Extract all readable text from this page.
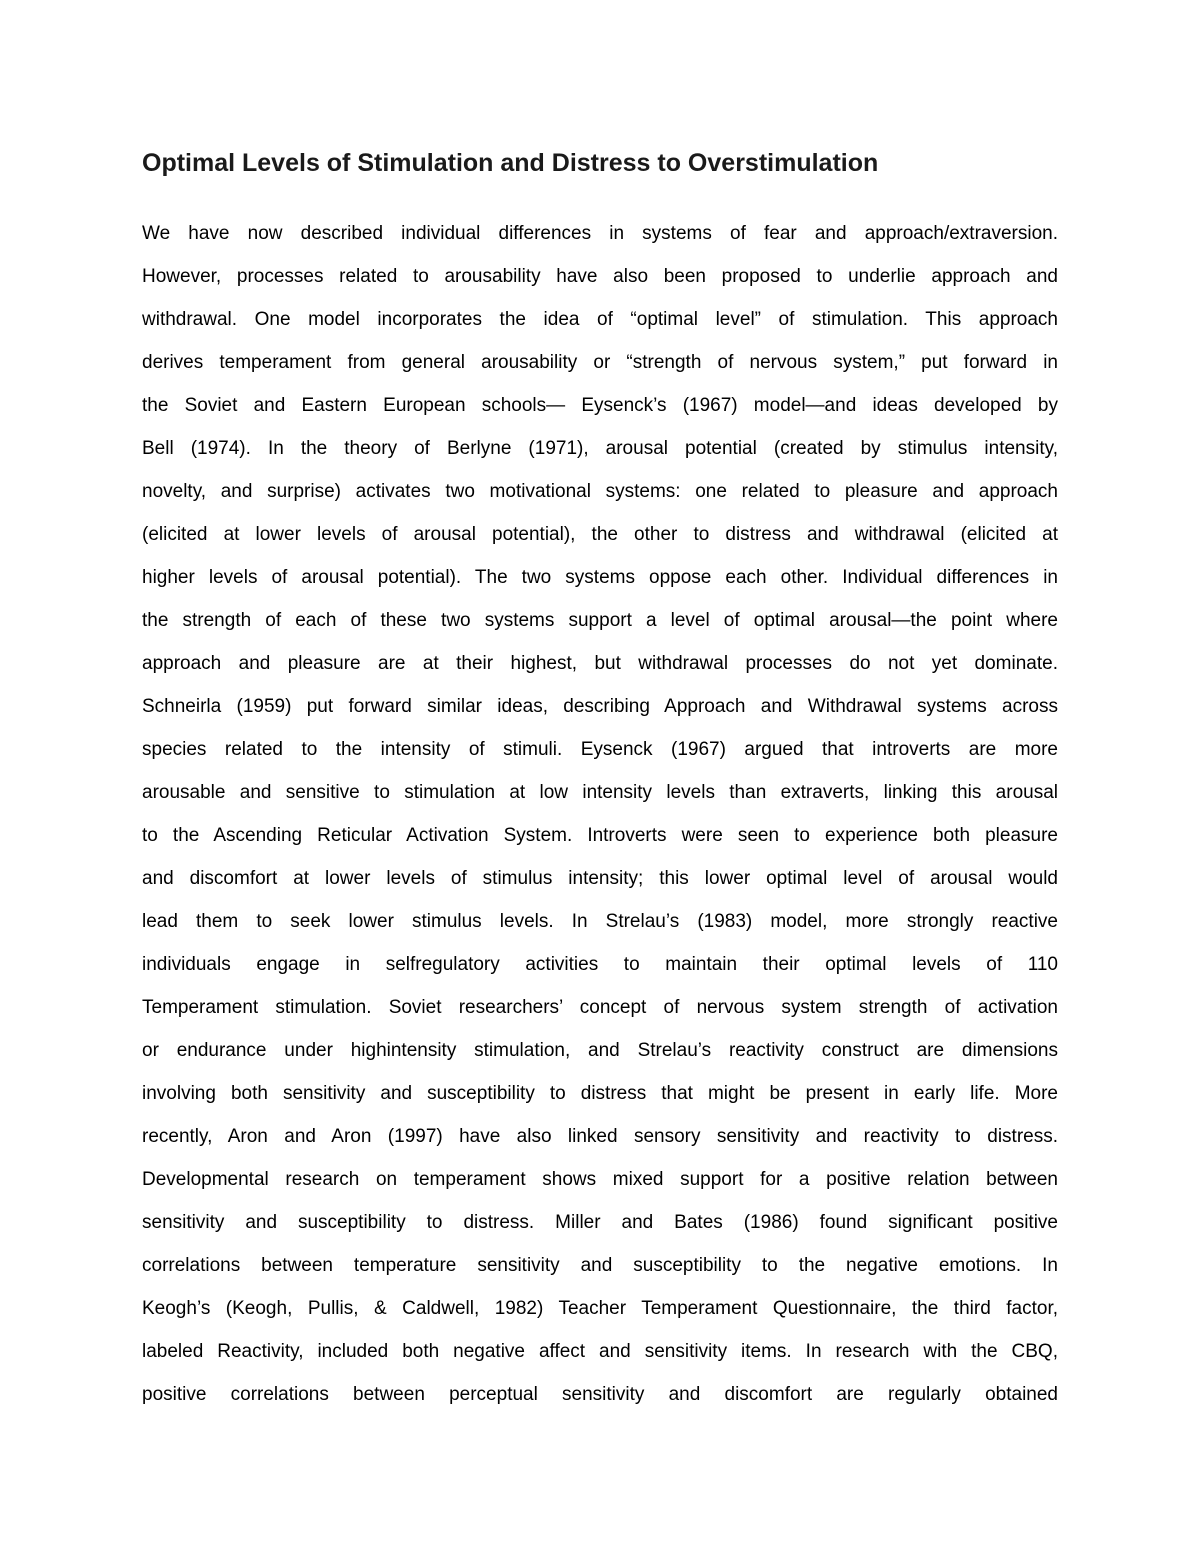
Optimal Levels of Stimulation and Distress to Overstimulation
We have now described individual differences in systems of fear and approach/extraversion.
However, processes related to arousability have also been proposed to underlie approach and
withdrawal. One model incorporates the idea of “optimal level” of stimulation. This approach
derives temperament from general arousability or “strength of nervous system,” put forward in
the Soviet and Eastern European schools— Eysenck’s (1967) model—and ideas developed by
Bell (1974). In the theory of Berlyne (1971), arousal potential (created by stimulus intensity,
novelty, and surprise) activates two motivational systems: one related to pleasure and approach
(elicited at lower levels of arousal potential), the other to distress and withdrawal (elicited at
higher levels of arousal potential). The two systems oppose each other. Individual differences in
the strength of each of these two systems support a level of optimal arousal—the point where
approach and pleasure are at their highest, but withdrawal processes do not yet dominate.
Schneirla (1959) put forward similar ideas, describing Approach and Withdrawal systems across
species related to the intensity of stimuli. Eysenck (1967) argued that introverts are more
arousable and sensitive to stimulation at low intensity levels than extraverts, linking this arousal
to the Ascending Reticular Activation System. Introverts were seen to experience both pleasure
and discomfort at lower levels of stimulus intensity; this lower optimal level of arousal would
lead them to seek lower stimulus levels. In Strelau’s (1983) model, more strongly reactive
individuals engage in selfregulatory activities to maintain their optimal levels of 110
Temperament stimulation. Soviet researchers’ concept of nervous system strength of activation
or endurance under highintensity stimulation, and Strelau’s reactivity construct are dimensions
involving both sensitivity and susceptibility to distress that might be present in early life. More
recently, Aron and Aron (1997) have also linked sensory sensitivity and reactivity to distress.
Developmental research on temperament shows mixed support for a positive relation between
sensitivity and susceptibility to distress. Miller and Bates (1986) found significant positive
correlations between temperature sensitivity and susceptibility to the negative emotions. In
Keogh’s (Keogh, Pullis, & Caldwell, 1982) Teacher Temperament Questionnaire, the third factor,
labeled Reactivity, included both negative affect and sensitivity items. In research with the CBQ,
positive correlations between perceptual sensitivity and discomfort are regularly obtained
